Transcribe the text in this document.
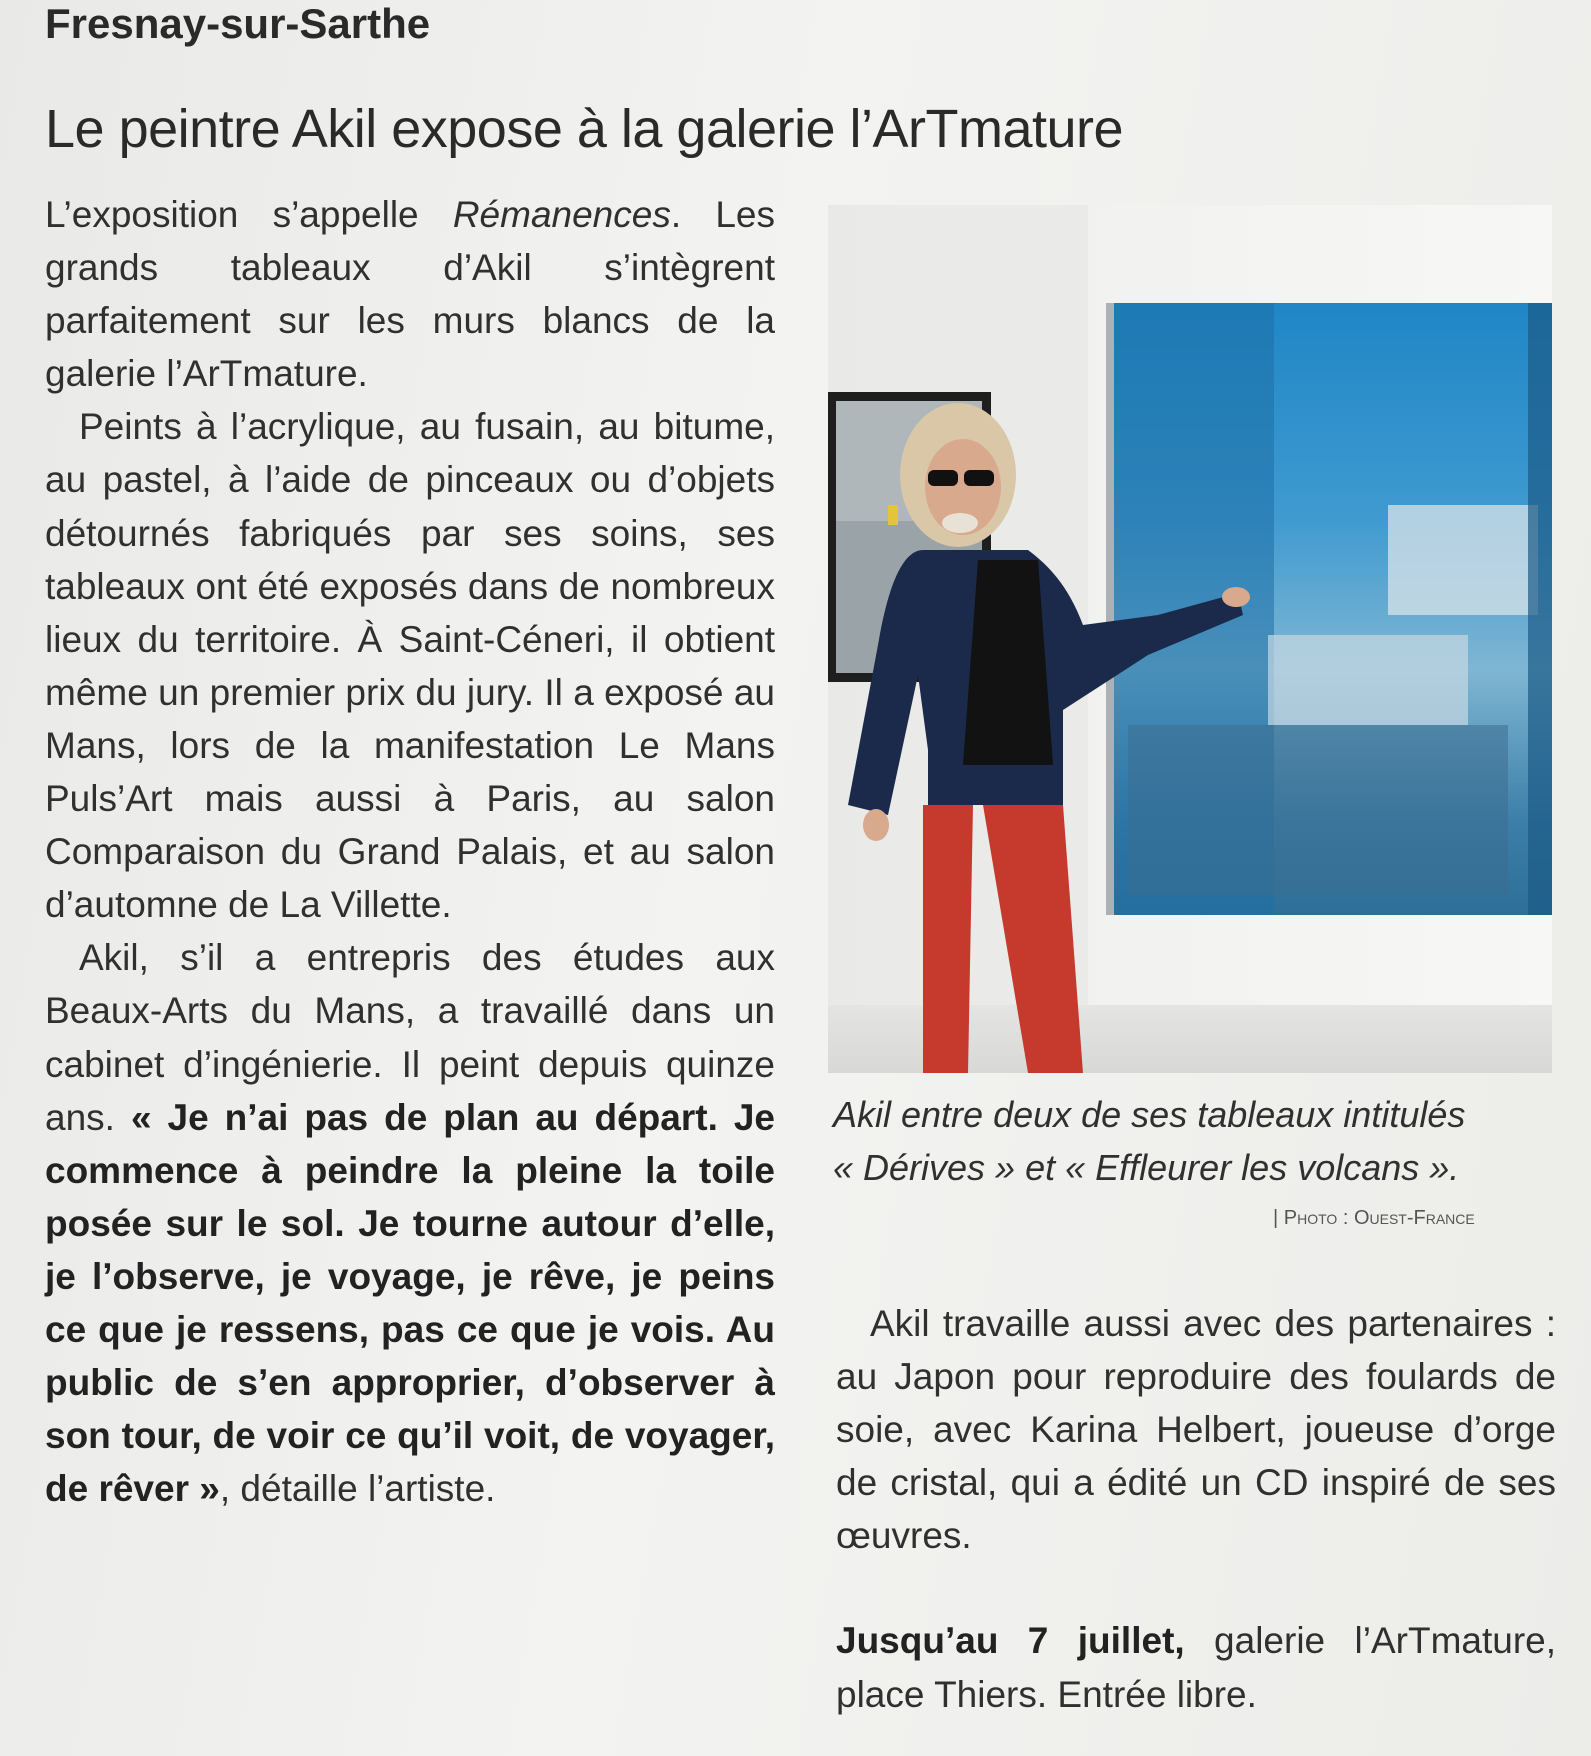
Fresnay-sur-Sarthe
Le peintre Akil expose à la galerie l’ArTmature

L’exposition s’appelle Rémanences. Les grands tableaux d’Akil s’intègrent parfaitement sur les murs blancs de la galerie l’ArTmature.

Peints à l’acrylique, au fusain, au bitume, au pastel, à l’aide de pinceaux ou d’objets détournés fabriqués par ses soins, ses tableaux ont été exposés dans de nombreux lieux du territoire. À Saint-Céneri, il obtient même un premier prix du jury. Il a exposé au Mans, lors de la manifestation Le Mans Puls’Art mais aussi à Paris, au salon Comparaison du Grand Palais, et au salon d’automne de La Villette.

Akil, s’il a entrepris des études aux Beaux-Arts du Mans, a travaillé dans un cabinet d’ingénierie. Il peint depuis quinze ans. « Je n’ai pas de plan au départ. Je commence à peindre la pleine la toile posée sur le sol. Je tourne autour d’elle, je l’observe, je voyage, je rêve, je peins ce que je ressens, pas ce que je vois. Au public de s’en approprier, d’observer à son tour, de voir ce qu’il voit, de voyager, de rêver », détaille l’artiste.

Akil entre deux de ses tableaux intitulés
« Dérives » et « Effleurer les volcans ».
| Photo : Ouest-France

Akil travaille aussi avec des partenaires : au Japon pour reproduire des foulards de soie, avec Karina Helbert, joueuse d’orge de cristal, qui a édité un CD inspiré de ses œuvres.

Jusqu’au 7 juillet, galerie l’ArTmature, place Thiers. Entrée libre.
